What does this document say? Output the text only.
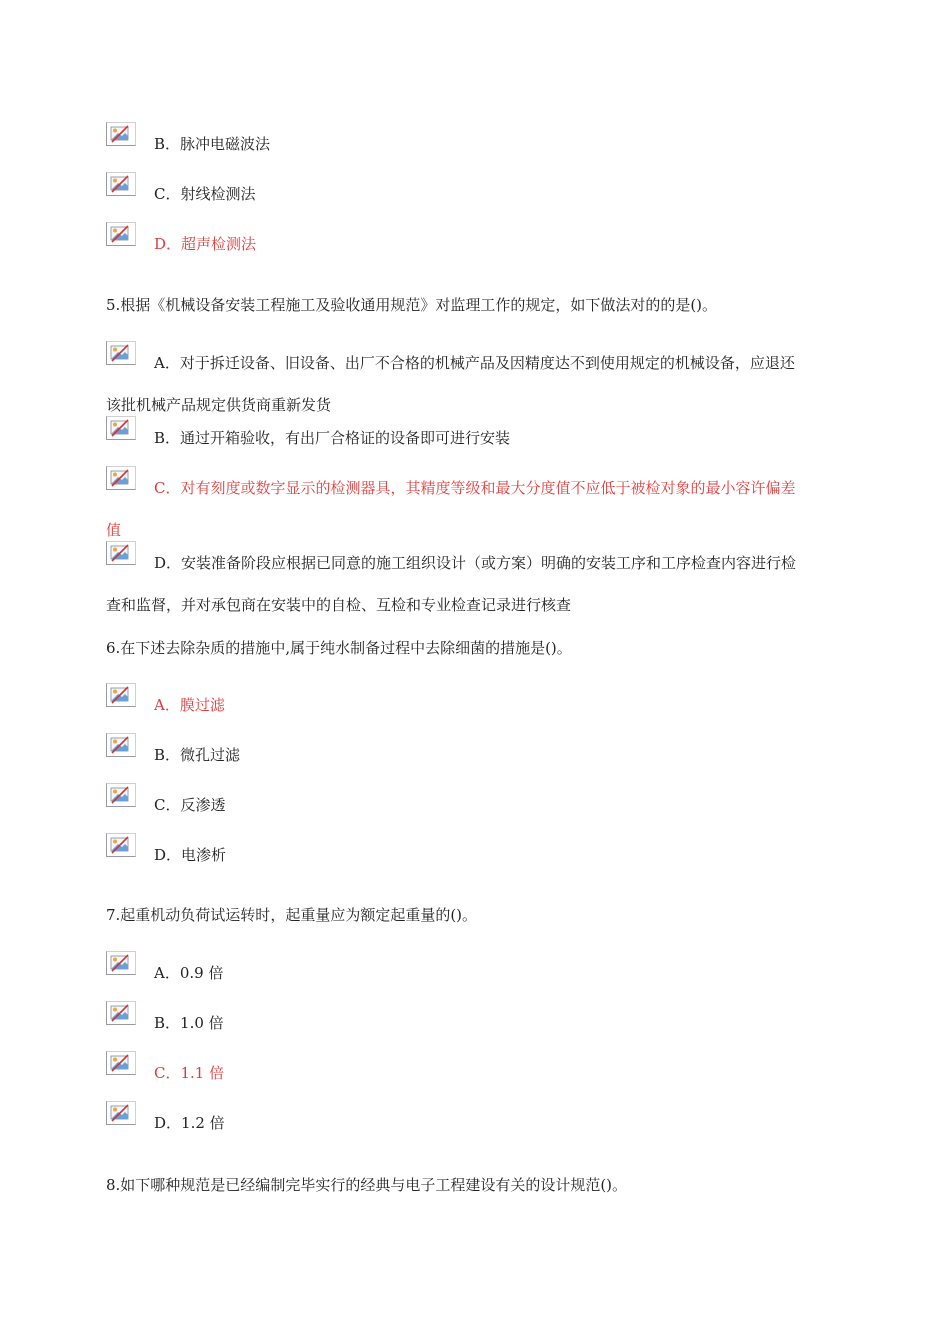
B．脉冲电磁波法
C．射线检测法
D．超声检测法
5.根据《机械设备安装工程施工及验收通用规范》对监理工作的规定，如下做法对的的是()。
A．对于拆迁设备、旧设备、出厂不合格的机械产品及因精度达不到使用规定的机械设备，应退还
该批机械产品规定供货商重新发货
B．通过开箱验收，有出厂合格证的设备即可进行安装
C．对有刻度或数字显示的检测器具，其精度等级和最大分度值不应低于被检对象的最小容许偏差
值
D．安装准备阶段应根据已同意的施工组织设计（或方案）明确的安装工序和工序检查内容进行检
查和监督，并对承包商在安装中的自检、互检和专业检查记录进行核查
6.在下述去除杂质的措施中,属于纯水制备过程中去除细菌的措施是()。
A．膜过滤
B．微孔过滤
C．反渗透
D．电渗析
7.起重机动负荷试运转时，起重量应为额定起重量的()。
A．0.9 倍
B．1.0 倍
C．1.1 倍
D．1.2 倍
8.如下哪种规范是已经编制完毕实行的经典与电子工程建设有关的设计规范()。
